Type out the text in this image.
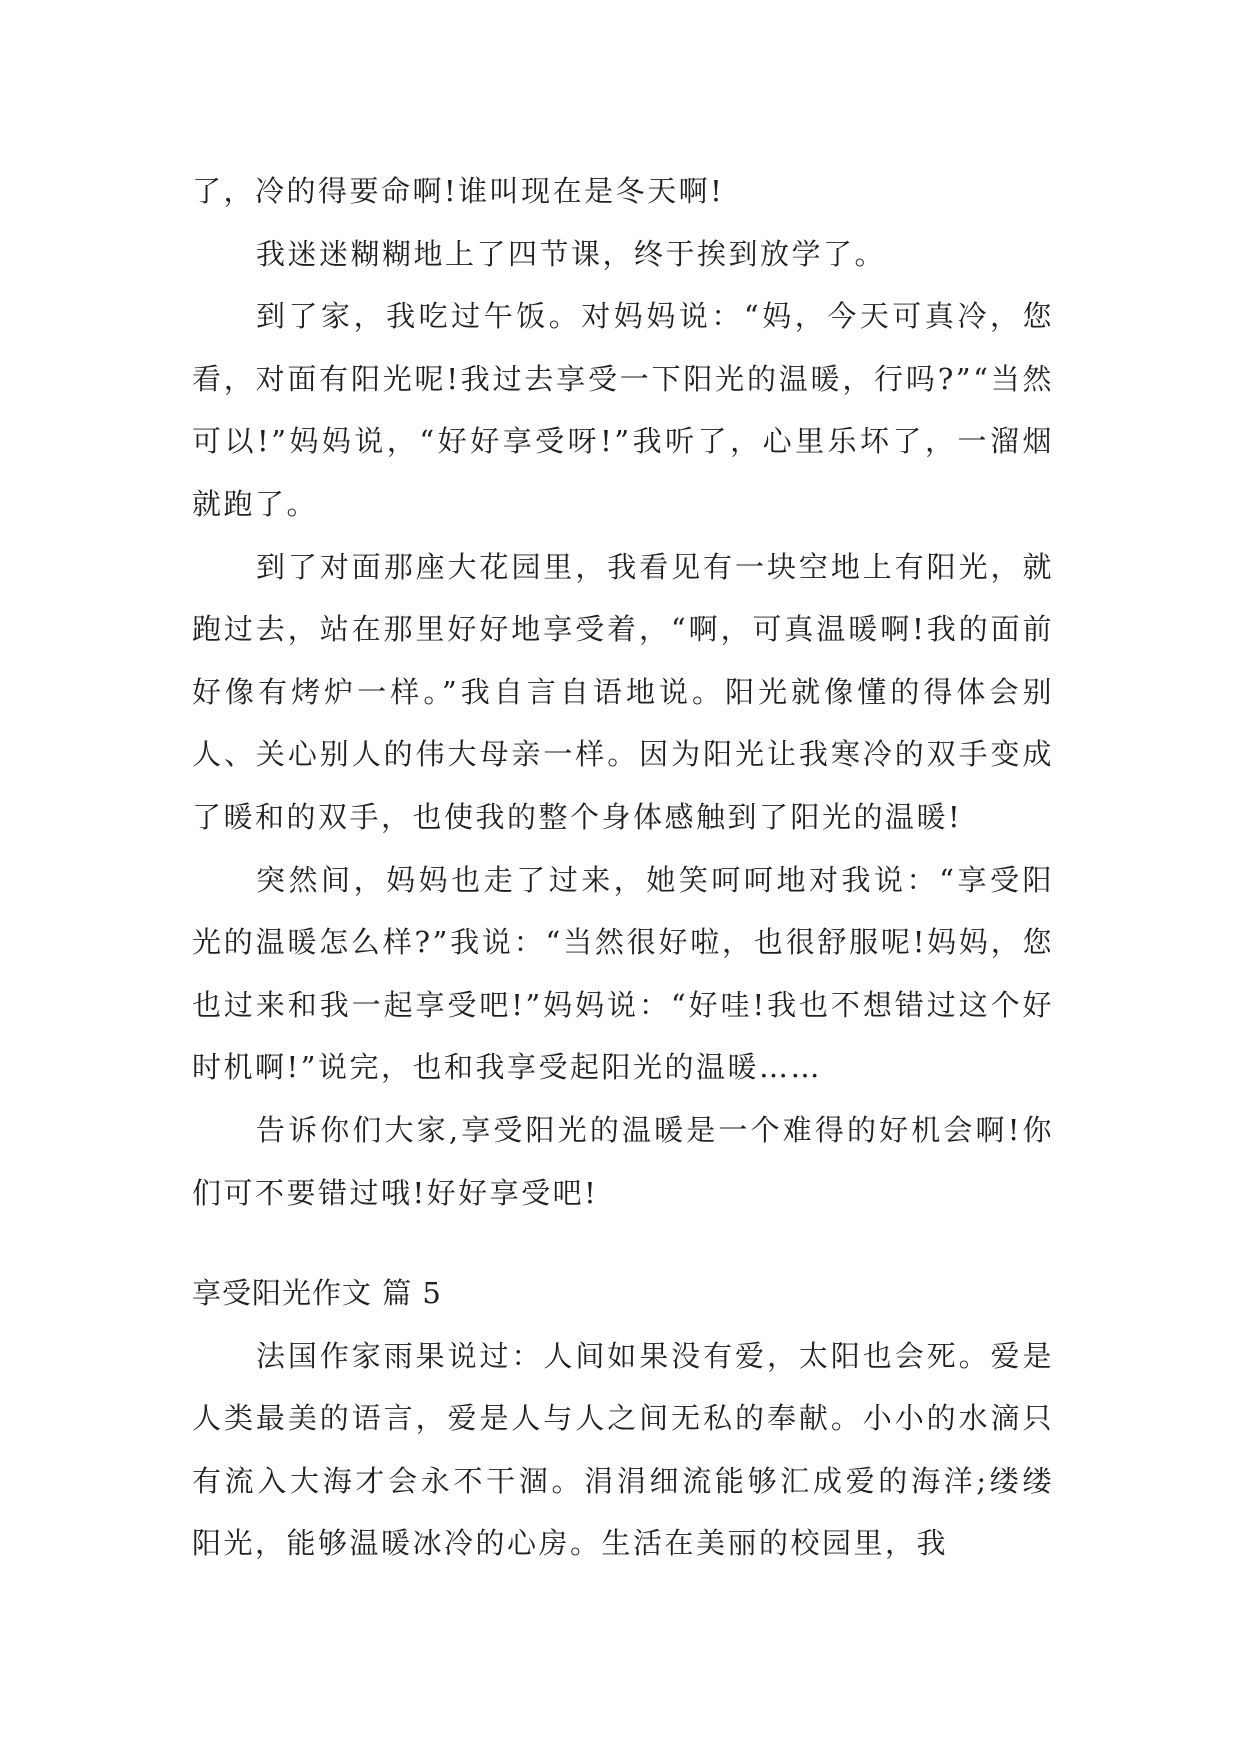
了，冷的得要命啊!谁叫现在是冬天啊!

我迷迷糊糊地上了四节课，终于挨到放学了。

到了家，我吃过午饭。对妈妈说：“妈，今天可真冷，您看，对面有阳光呢!我过去享受一下阳光的温暖，行吗?”“当然可以!”妈妈说，“好好享受呀!”我听了，心里乐坏了，一溜烟就跑了。

到了对面那座大花园里，我看见有一块空地上有阳光，就跑过去，站在那里好好地享受着，“啊，可真温暖啊!我的面前好像有烤炉一样。”我自言自语地说。阳光就像懂的得体会别人、关心别人的伟大母亲一样。因为阳光让我寒冷的双手变成了暖和的双手，也使我的整个身体感触到了阳光的温暖!

突然间，妈妈也走了过来，她笑呵呵地对我说：“享受阳光的温暖怎么样?”我说：“当然很好啦，也很舒服呢!妈妈，您也过来和我一起享受吧!”妈妈说：“好哇!我也不想错过这个好时机啊!”说完，也和我享受起阳光的温暖……

告诉你们大家,享受阳光的温暖是一个难得的好机会啊!你们可不要错过哦!好好享受吧!

享受阳光作文 篇 5

法国作家雨果说过：人间如果没有爱，太阳也会死。爱是人类最美的语言，爱是人与人之间无私的奉献。小小的水滴只有流入大海才会永不干涸。涓涓细流能够汇成爱的海洋;缕缕阳光，能够温暖冰冷的心房。生活在美丽的校园里，我
